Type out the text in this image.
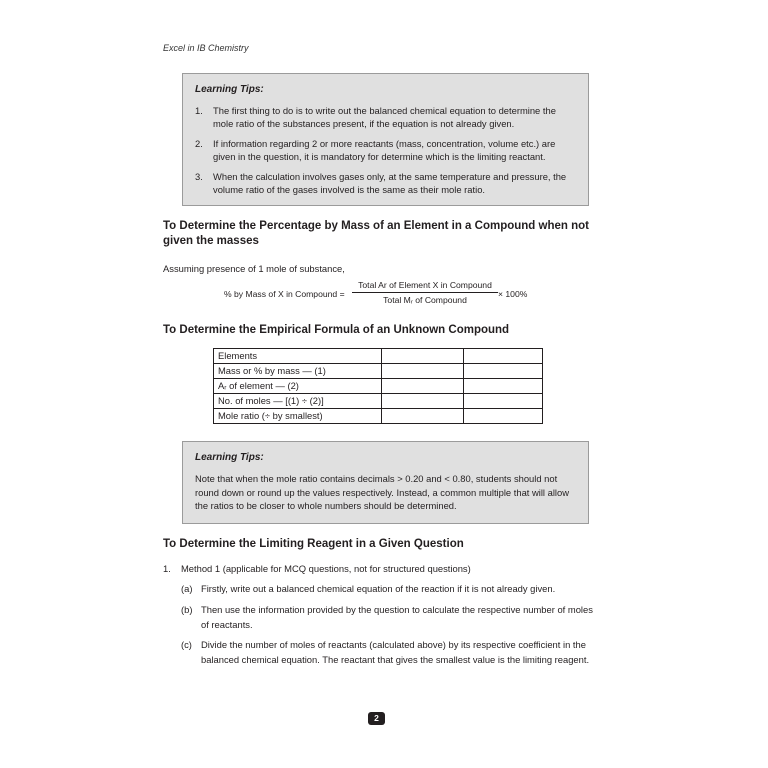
Excel in IB Chemistry
Learning Tips:
1. The first thing to do is to write out the balanced chemical equation to determine the mole ratio of the substances present, if the equation is not already given.
2. If information regarding 2 or more reactants (mass, concentration, volume etc.) are given in the question, it is mandatory for determine which is the limiting reactant.
3. When the calculation involves gases only, at the same temperature and pressure, the volume ratio of the gases involved is the same as their mole ratio.
To Determine the Percentage by Mass of an Element in a Compound when not given the masses
Assuming presence of 1 mole of substance,
% by Mass of X in Compound =
Total Ar of Element X in Compound
Total Mᵣ of Compound
× 100%
To Determine the Empirical Formula of an Unknown Compound
Elements		
Mass or % by mass — (1)		
Aᵣ of element — (2)		
No. of moles — [(1) ÷ (2)]		
Mole ratio (÷ by smallest)		
Learning Tips:

Note that when the mole ratio contains decimals > 0.20 and < 0.80, students should not round down or round up the values respectively. Instead, a common multiple that will allow the ratios to be closer to whole numbers should be determined.

To Determine the Limiting Reagent in a Given Question
1. Method 1 (applicable for MCQ questions, not for structured questions)
(a) Firstly, write out a balanced chemical equation of the reaction if it is not already given.
(b) Then use the information provided by the question to calculate the respective number of moles of reactants.
(c) Divide the number of moles of reactants (calculated above) by its respective coefficient in the balanced chemical equation. The reactant that gives the smallest value is the limiting reagent.
2
